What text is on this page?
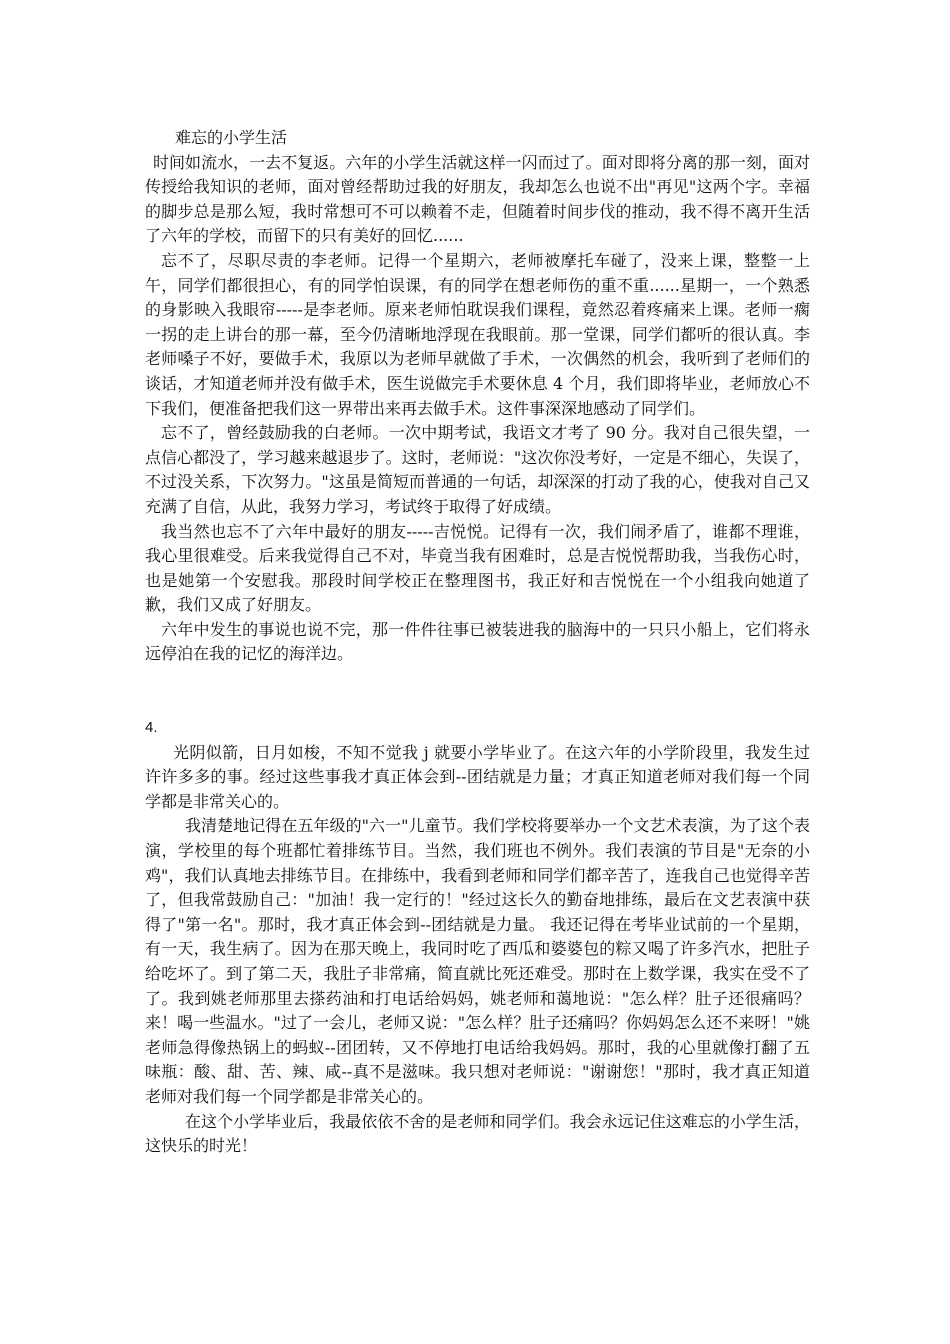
难忘的小学生活

时间如流水，一去不复返。六年的小学生活就这样一闪而过了。面对即将分离的那一刻，面对传授给我知识的老师，面对曾经帮助过我的好朋友，我却怎么也说不出"再见"这两个字。幸福的脚步总是那么短，我时常想可不可以赖着不走，但随着时间步伐的推动，我不得不离开生活了六年的学校，而留下的只有美好的回忆......

忘不了，尽职尽责的李老师。记得一个星期六，老师被摩托车碰了，没来上课，整整一上午，同学们都很担心，有的同学怕误课，有的同学在想老师伤的重不重......星期一，一个熟悉的身影映入我眼帘-----是李老师。原来老师怕耽误我们课程，竟然忍着疼痛来上课。老师一瘸一拐的走上讲台的那一幕，至今仍清晰地浮现在我眼前。那一堂课，同学们都听的很认真。李老师嗓子不好，要做手术，我原以为老师早就做了手术，一次偶然的机会，我听到了老师们的谈话，才知道老师并没有做手术，医生说做完手术要休息 4 个月，我们即将毕业，老师放心不下我们，便准备把我们这一界带出来再去做手术。这件事深深地感动了同学们。

忘不了，曾经鼓励我的白老师。一次中期考试，我语文才考了 90 分。我对自己很失望，一点信心都没了，学习越来越退步了。这时，老师说："这次你没考好，一定是不细心，失误了，不过没关系，下次努力。"这虽是简短而普通的一句话，却深深的打动了我的心，使我对自己又充满了自信，从此，我努力学习，考试终于取得了好成绩。

我当然也忘不了六年中最好的朋友-----吉悦悦。记得有一次，我们闹矛盾了，谁都不理谁，我心里很难受。后来我觉得自己不对，毕竟当我有困难时，总是吉悦悦帮助我，当我伤心时，也是她第一个安慰我。那段时间学校正在整理图书，我正好和吉悦悦在一个小组我向她道了歉，我们又成了好朋友。

六年中发生的事说也说不完，那一件件往事已被装进我的脑海中的一只只小船上，它们将永远停泊在我的记忆的海洋边。

4.

光阴似箭，日月如梭，不知不觉我 j 就要小学毕业了。在这六年的小学阶段里，我发生过许许多多的事。经过这些事我才真正体会到--团结就是力量；才真正知道老师对我们每一个同学都是非常关心的。

我清楚地记得在五年级的"六一"儿童节。我们学校将要举办一个文艺术表演，为了这个表演，学校里的每个班都忙着排练节目。当然，我们班也不例外。我们表演的节目是"无奈的小鸡"，我们认真地去排练节目。在排练中，我看到老师和同学们都辛苦了，连我自己也觉得辛苦了，但我常鼓励自己："加油！我一定行的！"经过这长久的勤奋地排练，最后在文艺表演中获得了"第一名"。那时，我才真正体会到--团结就是力量。 我还记得在考毕业试前的一个星期，有一天，我生病了。因为在那天晚上，我同时吃了西瓜和婆婆包的粽又喝了许多汽水，把肚子给吃坏了。到了第二天，我肚子非常痛，简直就比死还难受。那时在上数学课，我实在受不了了。我到姚老师那里去搽药油和打电话给妈妈，姚老师和蔼地说："怎么样？肚子还很痛吗？来！喝一些温水。"过了一会儿，老师又说："怎么样？肚子还痛吗？你妈妈怎么还不来呀！"姚老师急得像热锅上的蚂蚁--团团转，又不停地打电话给我妈妈。那时，我的心里就像打翻了五味瓶：酸、甜、苦、辣、咸--真不是滋味。我只想对老师说："谢谢您！"那时，我才真正知道老师对我们每一个同学都是非常关心的。

在这个小学毕业后，我最依依不舍的是老师和同学们。我会永远记住这难忘的小学生活，这快乐的时光！
